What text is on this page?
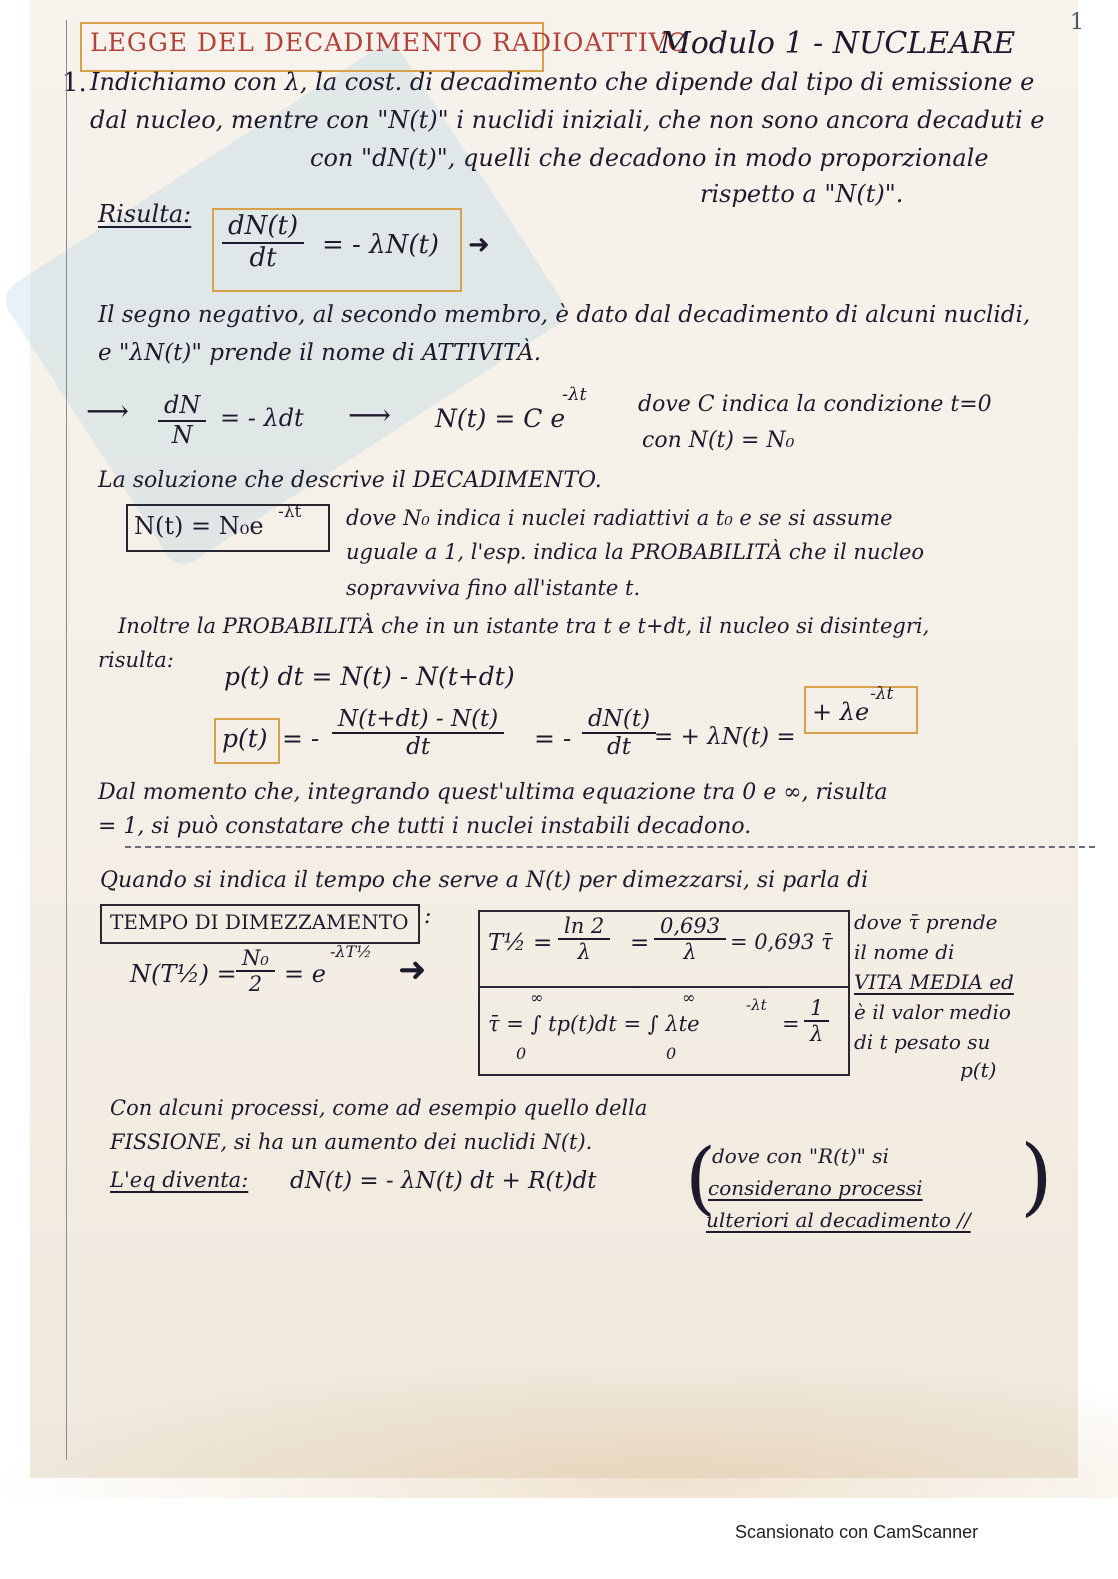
1
LEGGE DEL DECADIMENTO RADIOATTIVO
Modulo 1 - NUCLEARE
1. Indichiamo con λ, la cost. di decadimento che dipende dal tipo di emissione e
dal nucleo, mentre con "N(t)" i nuclidi iniziali, che non sono ancora decaduti e
con "dN(t)", quelli che decadono in modo proporzionale
rispetto a "N(t)".
Risulta: $\frac{dN(t)}{dt}$ = - λN(t) ➜
Il segno negativo, al secondo membro, è dato dal decadimento di alcuni nuclidi,
e "λN(t)" prende il nome di ATTIVITÀ.
⟶ $\frac{dN}{N}$ = - λdt ⟶ N(t) = C e
-λt dove C indica la condizione t=0
con N(t) = N₀
La soluzione che descrive il DECADIMENTO.
N(t) = N₀e -λt dove N₀ indica i nuclei radiattivi a t₀ e se si assume
uguale a 1, l'esp. indica la PROBABILITÀ che il nucleo
sopravviva fino all'istante t.
Inoltre la PROBABILITÀ che in un istante tra t e t+dt, il nucleo si disintegri,
risulta:
p(t) dt = N(t) - N(t+dt)
p(t) = - $\frac{N(t+dt) - N(t)}{dt}$ = - $\frac{dN(t)}{dt}$
= + λN(t) =
+ λe
-λt
Dal momento che, integrando quest'ultima equazione tra 0 e ∞, risulta
= 1, si può constatare che tutti i nuclei instabili decadono.
Quando si indica il tempo che serve a N(t) per dimezzarsi, si parla di
TEMPO DI DIMEZZAMENTO :
N(T½) = $\frac{\text{N₀}}{2} = e$
-λT½ ➜
T½ = $\frac{\ln 2}{\lambda} = \frac{0,693}{\lambda} = 0,693$ τ̄
∞	∞
τ̄ = ∫ tp(t)dt = ∫ λte
-λt
= $\frac{1}{\lambda}$
0	0
dove τ̄ prende
il nome di
VITA MEDIA ed
è il valor medio
di t pesato su
p(t)
Con alcuni processi, come ad esempio quello della
FISSIONE, si ha un aumento dei nuclidi N(t).
L'eq diventa: dN(t) = - λN(t) dt + R(t)dt (
dove con "R(t)" si
considerano processi
ulteriori al decadimento // )
Scansionato con CamScanner
